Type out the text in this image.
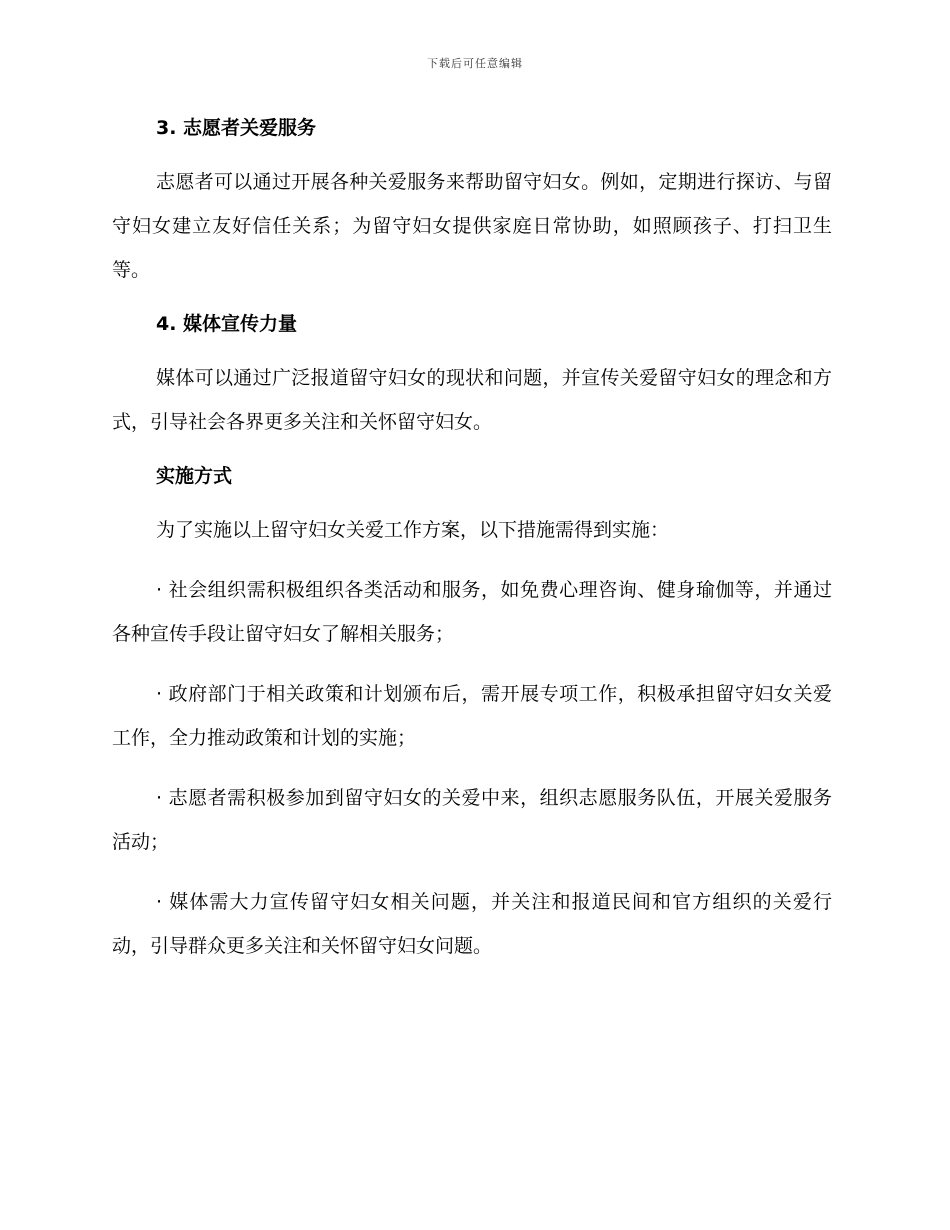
下载后可任意编辑
3. 志愿者关爱服务

志愿者可以通过开展各种关爱服务来帮助留守妇女。例如，定期进行探访、与留守妇女建立友好信任关系；为留守妇女提供家庭日常协助，如照顾孩子、打扫卫生等。

4. 媒体宣传力量

媒体可以通过广泛报道留守妇女的现状和问题，并宣传关爱留守妇女的理念和方式，引导社会各界更多关注和关怀留守妇女。

实施方式

为了实施以上留守妇女关爱工作方案，以下措施需得到实施：

· 社会组织需积极组织各类活动和服务，如免费心理咨询、健身瑜伽等，并通过各种宣传手段让留守妇女了解相关服务；

· 政府部门于相关政策和计划颁布后，需开展专项工作，积极承担留守妇女关爱工作，全力推动政策和计划的实施；

· 志愿者需积极参加到留守妇女的关爱中来，组织志愿服务队伍，开展关爱服务活动；

· 媒体需大力宣传留守妇女相关问题，并关注和报道民间和官方组织的关爱行动，引导群众更多关注和关怀留守妇女问题。
